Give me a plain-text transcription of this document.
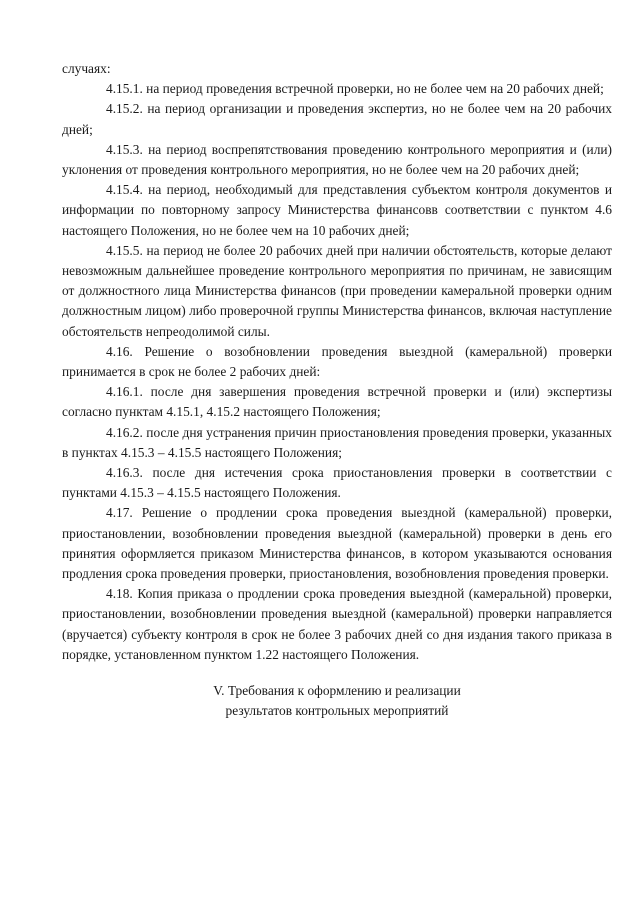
случаях:

4.15.1. на период проведения встречной проверки, но не более чем на 20 рабочих дней;

4.15.2. на период организации и проведения экспертиз, но не более чем на 20 рабочих дней;

4.15.3. на период воспрепятствования проведению контрольного мероприятия и (или) уклонения от проведения контрольного мероприятия, но не более чем на 20 рабочих дней;

4.15.4. на период, необходимый для представления субъектом контроля документов и информации по повторному запросу Министерства финансовв соответствии с пунктом 4.6 настоящего Положения, но не более чем на 10 рабочих дней;

4.15.5. на период не более 20 рабочих дней при наличии обстоятельств, которые делают невозможным дальнейшее проведение контрольного мероприятия по причинам, не зависящим от должностного лица Министерства финансов (при проведении камеральной проверки одним должностным лицом) либо проверочной группы Министерства финансов, включая наступление обстоятельств непреодолимой силы.

4.16. Решение о возобновлении проведения выездной (камеральной) проверки принимается в срок не более 2 рабочих дней:

4.16.1. после дня завершения проведения встречной проверки и (или) экспертизы согласно пунктам 4.15.1, 4.15.2 настоящего Положения;

4.16.2. после дня устранения причин приостановления проведения проверки, указанных в пунктах 4.15.3 – 4.15.5 настоящего Положения;

4.16.3. после дня истечения срока приостановления проверки в соответствии с пунктами 4.15.3 – 4.15.5 настоящего Положения.

4.17. Решение о продлении срока проведения выездной (камеральной) проверки, приостановлении, возобновлении проведения выездной (камеральной) проверки в день его принятия оформляется приказом Министерства финансов, в котором указываются основания продления срока проведения проверки, приостановления, возобновления проведения проверки.

4.18. Копия приказа о продлении срока проведения выездной (камеральной) проверки, приостановлении, возобновлении проведения выездной (камеральной) проверки направляется (вручается) субъекту контроля в срок не более 3 рабочих дней со дня издания такого приказа в порядке, установленном пунктом 1.22 настоящего Положения.

V. Требования к оформлению и реализации
результатов контрольных мероприятий
